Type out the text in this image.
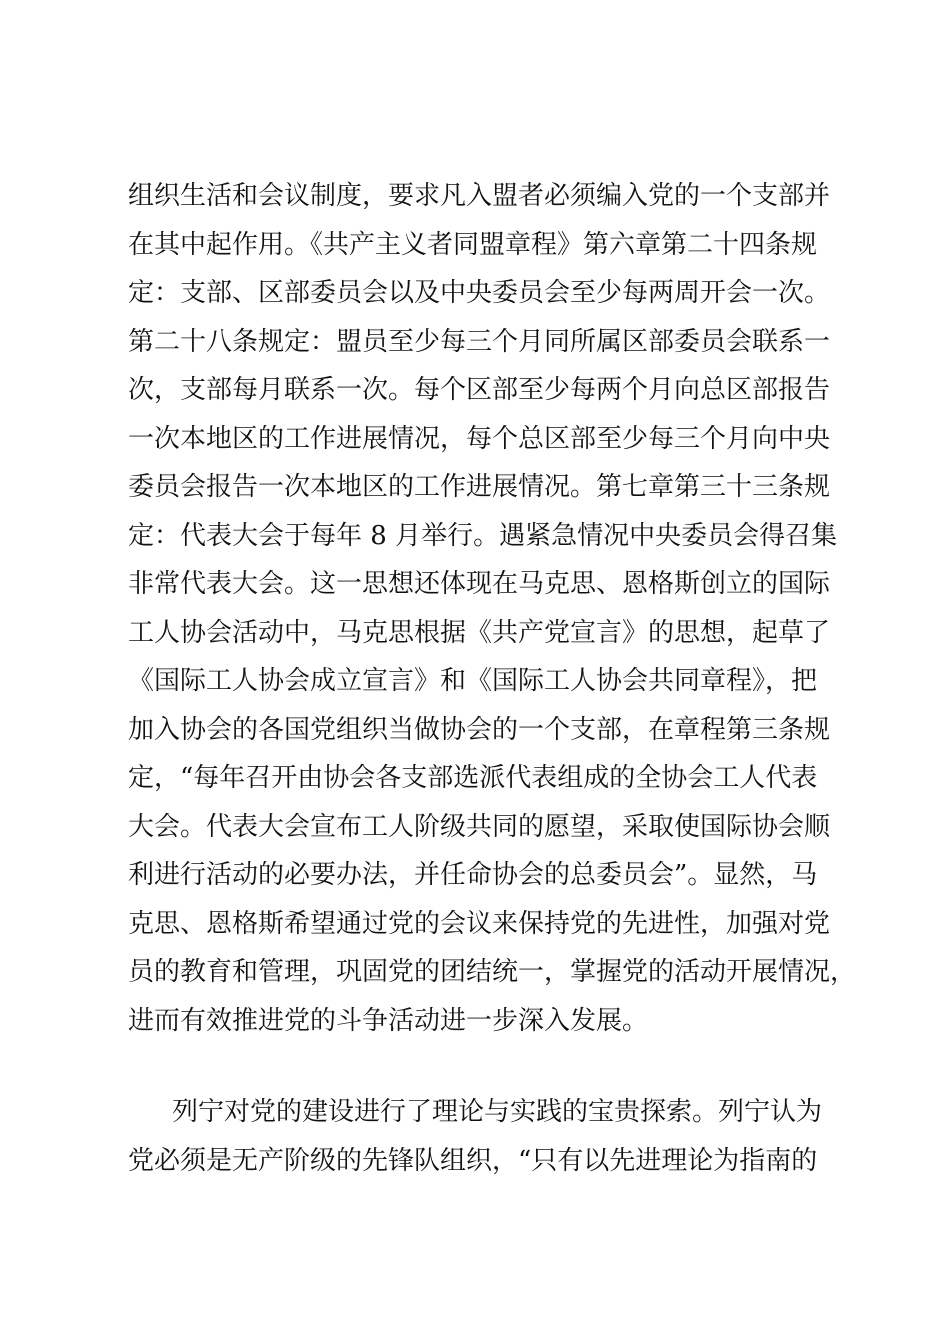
组织生活和会议制度，要求凡入盟者必须编入党的一个支部并
在其中起作用。《共产主义者同盟章程》第六章第二十四条规
定：支部、区部委员会以及中央委员会至少每两周开会一次。
第二十八条规定：盟员至少每三个月同所属区部委员会联系一
次，支部每月联系一次。每个区部至少每两个月向总区部报告
一次本地区的工作进展情况，每个总区部至少每三个月向中央
委员会报告一次本地区的工作进展情况。第七章第三十三条规
定：代表大会于每年 8 月举行。遇紧急情况中央委员会得召集
非常代表大会。这一思想还体现在马克思、恩格斯创立的国际
工人协会活动中，马克思根据《共产党宣言》的思想，起草了
《国际工人协会成立宣言》和《国际工人协会共同章程》，把
加入协会的各国党组织当做协会的一个支部，在章程第三条规
定，“每年召开由协会各支部选派代表组成的全协会工人代表
大会。代表大会宣布工人阶级共同的愿望，采取使国际协会顺
利进行活动的必要办法，并任命协会的总委员会”。显然，马
克思、恩格斯希望通过党的会议来保持党的先进性，加强对党
员的教育和管理，巩固党的团结统一，掌握党的活动开展情况，
进而有效推进党的斗争活动进一步深入发展。
列宁对党的建设进行了理论与实践的宝贵探索。列宁认为
党必须是无产阶级的先锋队组织，“只有以先进理论为指南的
